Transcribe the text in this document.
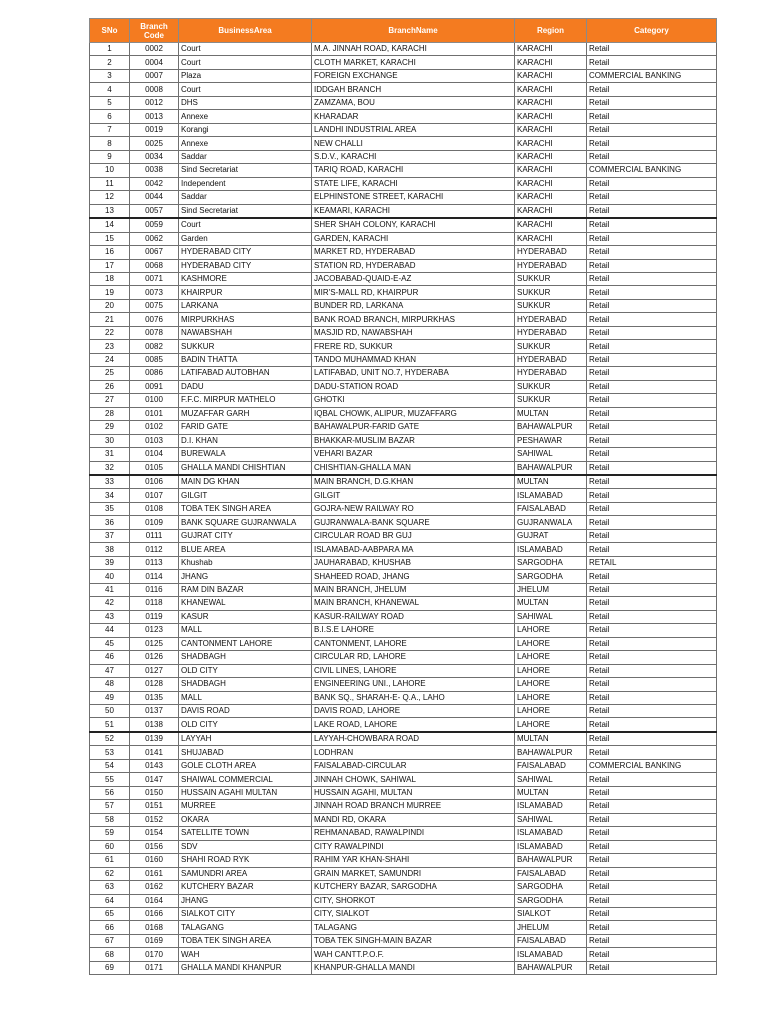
SNo	Branch Code	BusinessArea	BranchName	Region	Category
1	0002	Court	M.A. JINNAH ROAD, KARACHI	KARACHI	Retail
2	0004	Court	CLOTH MARKET, KARACHI	KARACHI	Retail
3	0007	Plaza	FOREIGN EXCHANGE	KARACHI	COMMERCIAL BANKING
4	0008	Court	IDDGAH BRANCH	KARACHI	Retail
5	0012	DHS	ZAMZAMA, BOU	KARACHI	Retail
6	0013	Annexe	KHARADAR	KARACHI	Retail
7	0019	Korangi	LANDHI INDUSTRIAL AREA	KARACHI	Retail
8	0025	Annexe	NEW CHALLI	KARACHI	Retail
9	0034	Saddar	S.D.V., KARACHI	KARACHI	Retail
10	0038	Sind Secretariat	TARIQ ROAD, KARACHI	KARACHI	COMMERCIAL BANKING
11	0042	Independent	STATE LIFE, KARACHI	KARACHI	Retail
12	0044	Saddar	ELPHINSTONE STREET, KARACHI	KARACHI	Retail
13	0057	Sind Secretariat	KEAMARI, KARACHI	KARACHI	Retail
14	0059	Court	SHER SHAH COLONY, KARACHI	KARACHI	Retail
15	0062	Garden	GARDEN, KARACHI	KARACHI	Retail
16	0067	HYDERABAD CITY	MARKET RD, HYDERABAD	HYDERABAD	Retail
17	0068	HYDERABAD CITY	STATION RD, HYDERABAD	HYDERABAD	Retail
18	0071	KASHMORE	JACOBABAD-QUAID-E-AZ	SUKKUR	Retail
19	0073	KHAIRPUR	MIR'S-MALL RD, KHAIRPUR	SUKKUR	Retail
20	0075	LARKANA	BUNDER RD, LARKANA	SUKKUR	Retail
21	0076	MIRPURKHAS	BANK ROAD BRANCH, MIRPURKHAS	HYDERABAD	Retail
22	0078	NAWABSHAH	MASJID RD, NAWABSHAH	HYDERABAD	Retail
23	0082	SUKKUR	FRERE RD, SUKKUR	SUKKUR	Retail
24	0085	BADIN THATTA	TANDO MUHAMMAD KHAN	HYDERABAD	Retail
25	0086	LATIFABAD AUTOBHAN	LATIFABAD, UNIT NO.7, HYDERABA	HYDERABAD	Retail
26	0091	DADU	DADU-STATION ROAD	SUKKUR	Retail
27	0100	F.F.C. MIRPUR MATHELO	GHOTKI	SUKKUR	Retail
28	0101	MUZAFFAR GARH	IQBAL CHOWK, ALIPUR, MUZAFFARG	MULTAN	Retail
29	0102	FARID GATE	BAHAWALPUR-FARID GATE	BAHAWALPUR	Retail
30	0103	D.I. KHAN	BHAKKAR-MUSLIM BAZAR	PESHAWAR	Retail
31	0104	BUREWALA	VEHARI BAZAR	SAHIWAL	Retail
32	0105	GHALLA MANDI CHISHTIAN	CHISHTIAN-GHALLA MAN	BAHAWALPUR	Retail
33	0106	MAIN DG KHAN	MAIN BRANCH, D.G.KHAN	MULTAN	Retail
34	0107	GILGIT	GILGIT	ISLAMABAD	Retail
35	0108	TOBA TEK SINGH AREA	GOJRA-NEW RAILWAY RO	FAISALABAD	Retail
36	0109	BANK SQUARE GUJRANWALA	GUJRANWALA-BANK SQUARE	GUJRANWALA	Retail
37	0111	GUJRAT CITY	CIRCULAR ROAD BR GUJ	GUJRAT	Retail
38	0112	BLUE AREA	ISLAMABAD-AABPARA MA	ISLAMABAD	Retail
39	0113	Khushab	JAUHARABAD, KHUSHAB	SARGODHA	RETAIL
40	0114	JHANG	SHAHEED ROAD, JHANG	SARGODHA	Retail
41	0116	RAM DIN BAZAR	MAIN BRANCH, JHELUM	JHELUM	Retail
42	0118	KHANEWAL	MAIN BRANCH, KHANEWAL	MULTAN	Retail
43	0119	KASUR	KASUR-RAILWAY ROAD	SAHIWAL	Retail
44	0123	MALL	B.I.S.E LAHORE	LAHORE	Retail
45	0125	CANTONMENT LAHORE	CANTONMENT, LAHORE	LAHORE	Retail
46	0126	SHADBAGH	CIRCULAR RD, LAHORE	LAHORE	Retail
47	0127	OLD CITY	CIVIL LINES, LAHORE	LAHORE	Retail
48	0128	SHADBAGH	ENGINEERING UNI., LAHORE	LAHORE	Retail
49	0135	MALL	BANK SQ., SHARAH-E- Q.A., LAHO	LAHORE	Retail
50	0137	DAVIS ROAD	DAVIS ROAD, LAHORE	LAHORE	Retail
51	0138	OLD CITY	LAKE ROAD, LAHORE	LAHORE	Retail
52	0139	LAYYAH	LAYYAH-CHOWBARA ROAD	MULTAN	Retail
53	0141	SHUJABAD	LODHRAN	BAHAWALPUR	Retail
54	0143	GOLE CLOTH AREA	FAISALABAD-CIRCULAR	FAISALABAD	COMMERCIAL BANKING
55	0147	SHAIWAL COMMERCIAL	JINNAH CHOWK, SAHIWAL	SAHIWAL	Retail
56	0150	HUSSAIN AGAHI MULTAN	HUSSAIN AGAHI, MULTAN	MULTAN	Retail
57	0151	MURREE	JINNAH ROAD BRANCH MURREE	ISLAMABAD	Retail
58	0152	OKARA	MANDI RD, OKARA	SAHIWAL	Retail
59	0154	SATELLITE TOWN	REHMANABAD, RAWALPINDI	ISLAMABAD	Retail
60	0156	SDV	CITY RAWALPINDI	ISLAMABAD	Retail
61	0160	SHAHI ROAD RYK	RAHIM YAR KHAN-SHAHI	BAHAWALPUR	Retail
62	0161	SAMUNDRI AREA	GRAIN MARKET, SAMUNDRI	FAISALABAD	Retail
63	0162	KUTCHERY BAZAR	KUTCHERY BAZAR, SARGODHA	SARGODHA	Retail
64	0164	JHANG	CITY, SHORKOT	SARGODHA	Retail
65	0166	SIALKOT CITY	CITY, SIALKOT	SIALKOT	Retail
66	0168	TALAGANG	TALAGANG	JHELUM	Retail
67	0169	TOBA TEK SINGH AREA	TOBA TEK SINGH-MAIN BAZAR	FAISALABAD	Retail
68	0170	WAH	WAH CANTT.P.O.F.	ISLAMABAD	Retail
69	0171	GHALLA MANDI KHANPUR	KHANPUR-GHALLA MANDI	BAHAWALPUR	Retail
